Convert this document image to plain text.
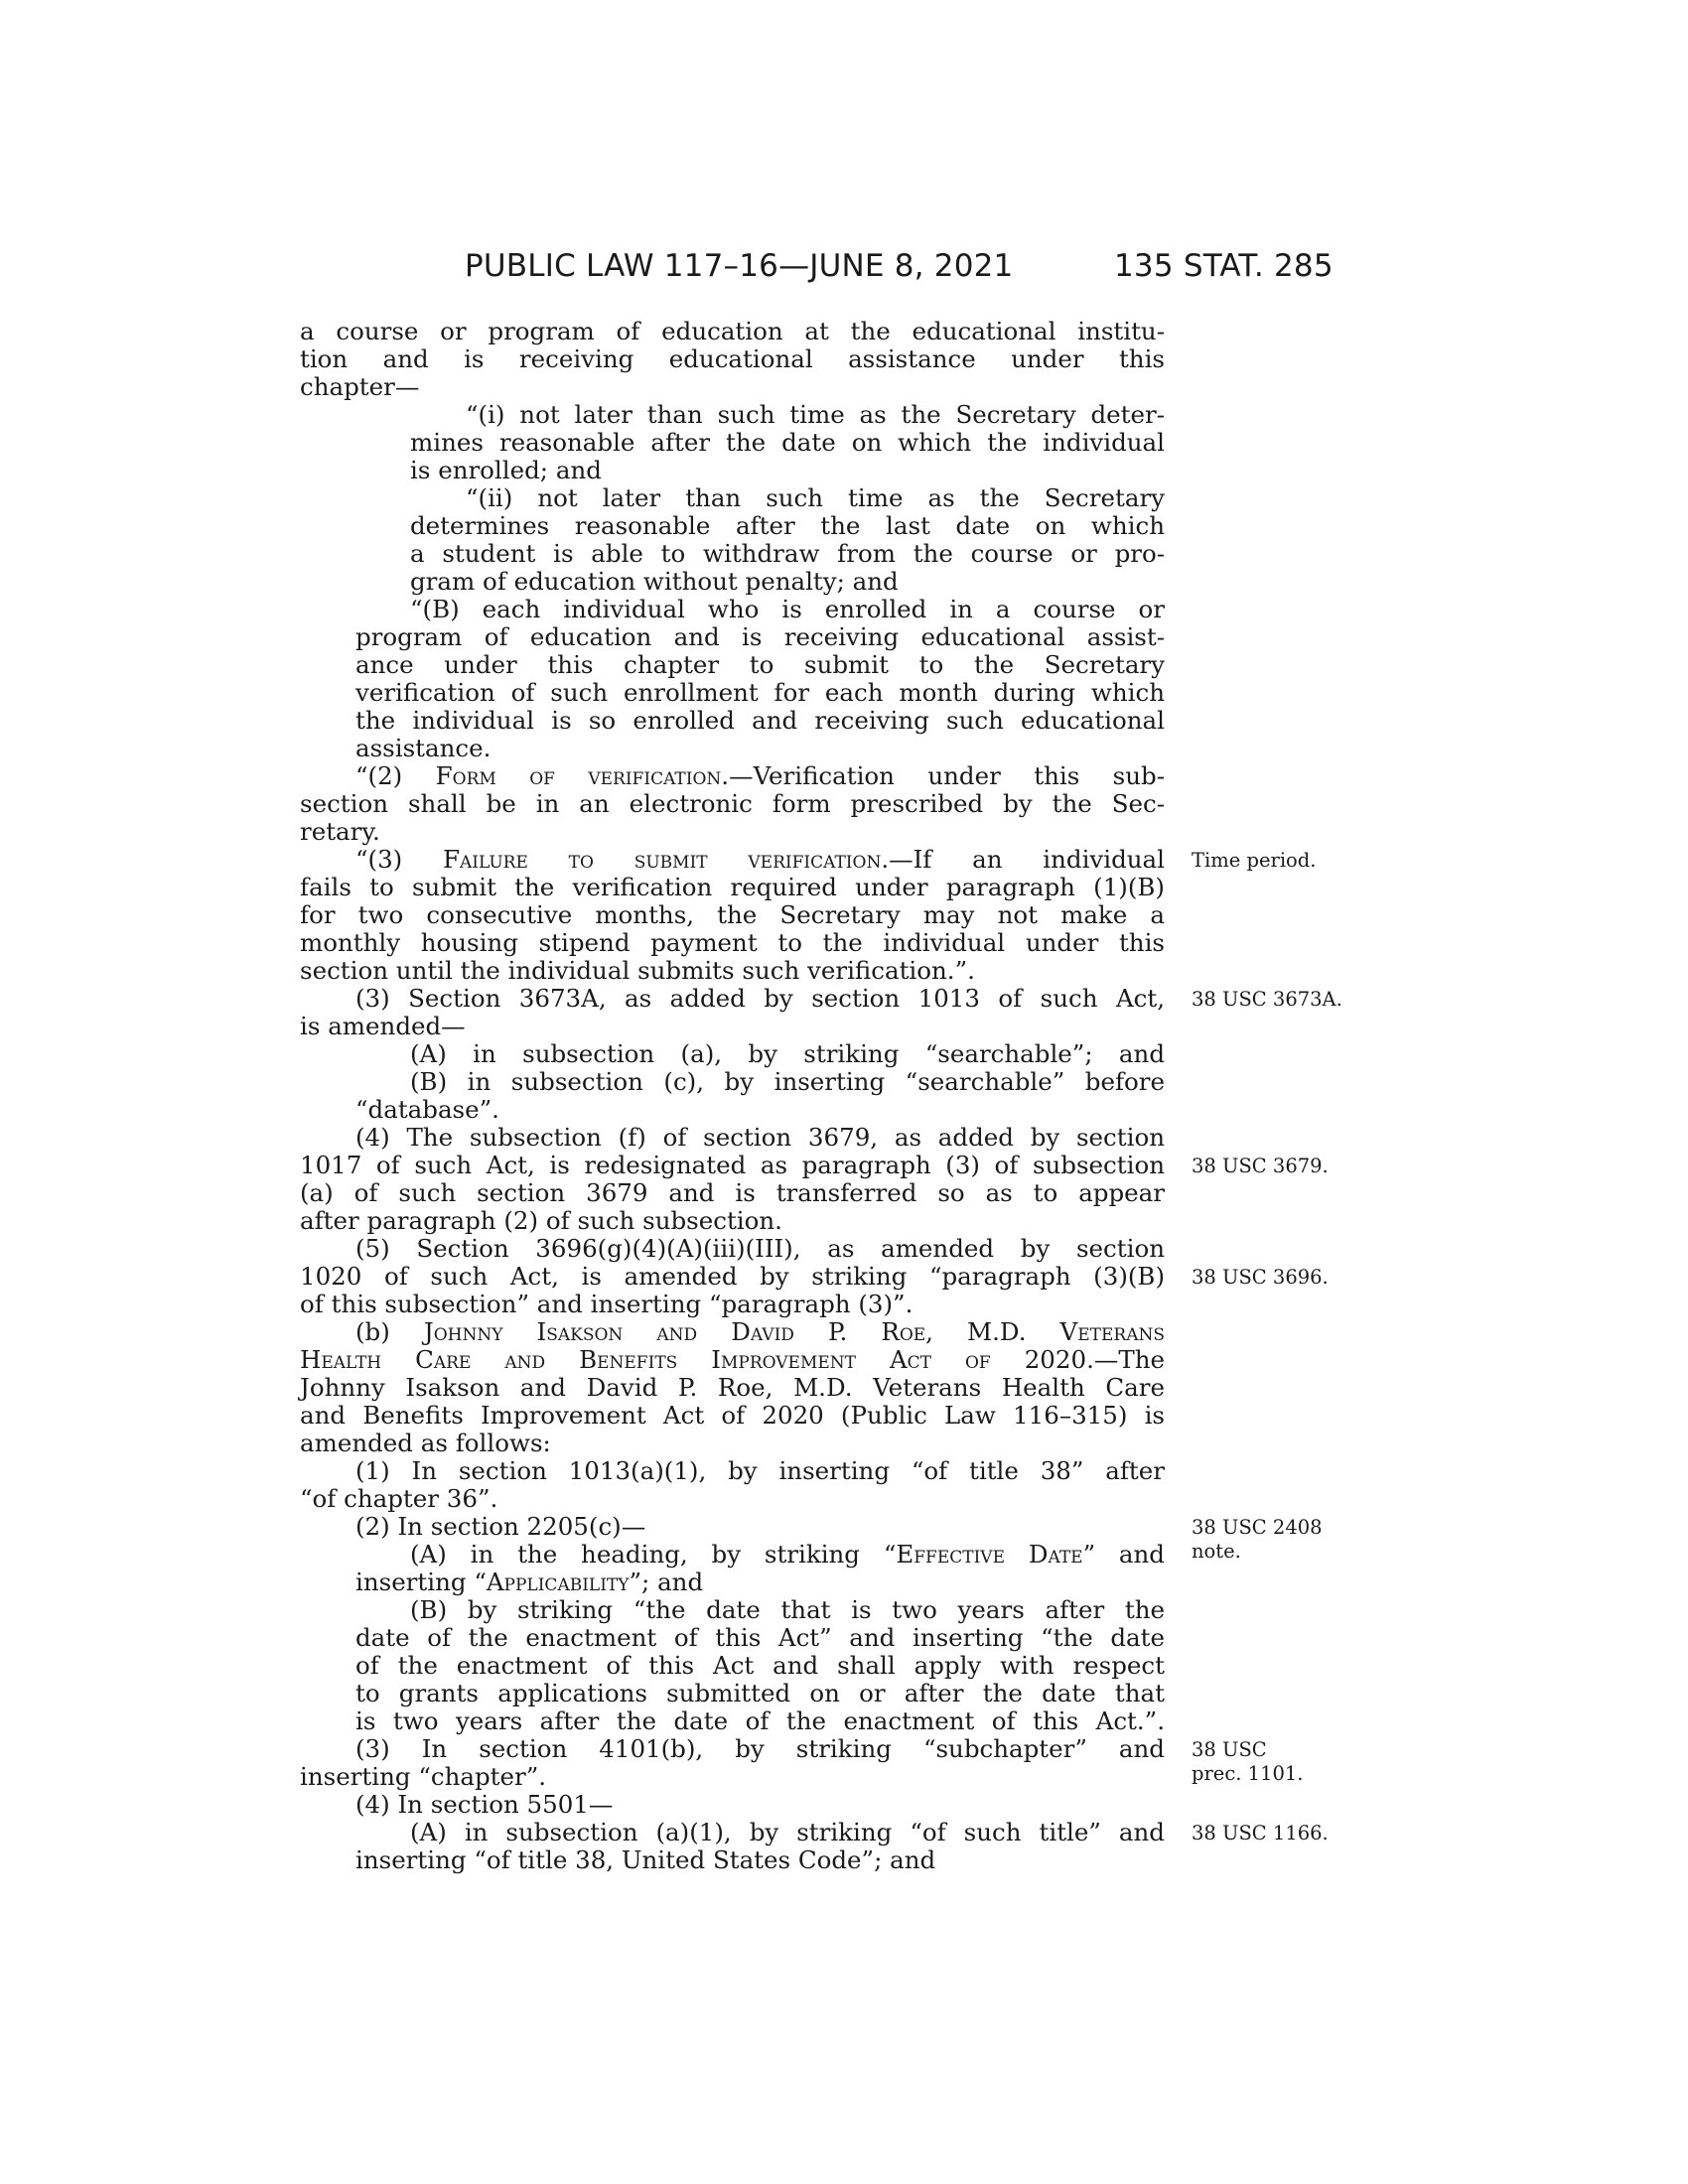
PUBLIC LAW 117–16—JUNE 8, 2021	135 STAT. 285
a course or program of education at the educational institu-
tion and is receiving educational assistance under this
chapter—
“(i) not later than such time as the Secretary deter-
mines reasonable after the date on which the individual
is enrolled; and
“(ii) not later than such time as the Secretary
determines reasonable after the last date on which
a student is able to withdraw from the course or pro-
gram of education without penalty; and
“(B) each individual who is enrolled in a course or
program of education and is receiving educational assist-
ance under this chapter to submit to the Secretary
verification of such enrollment for each month during which
the individual is so enrolled and receiving such educational
assistance.
“(2) Form of verification.—Verification under this sub-
section shall be in an electronic form prescribed by the Sec-
retary.
“(3) Failure to submit verification.—If an individual
fails to submit the verification required under paragraph (1)(B)
for two consecutive months, the Secretary may not make a
monthly housing stipend payment to the individual under this
section until the individual submits such verification.”.
(3) Section 3673A, as added by section 1013 of such Act,
is amended—
(A) in subsection (a), by striking “searchable”; and
(B) in subsection (c), by inserting “searchable” before
“database”.
(4) The subsection (f) of section 3679, as added by section
1017 of such Act, is redesignated as paragraph (3) of subsection
(a) of such section 3679 and is transferred so as to appear
after paragraph (2) of such subsection.
(5) Section 3696(g)(4)(A)(iii)(III), as amended by section
1020 of such Act, is amended by striking “paragraph (3)(B)
of this subsection” and inserting “paragraph (3)”.
(b) Johnny Isakson and David P. Roe, M.D. Veterans
Health Care and Benefits Improvement Act of 2020.—The
Johnny Isakson and David P. Roe, M.D. Veterans Health Care
and Benefits Improvement Act of 2020 (Public Law 116–315) is
amended as follows:
(1) In section 1013(a)(1), by inserting “of title 38” after
“of chapter 36”.
(2) In section 2205(c)—
(A) in the heading, by striking “Effective Date” and
inserting “Applicability”; and
(B) by striking “the date that is two years after the
date of the enactment of this Act” and inserting “the date
of the enactment of this Act and shall apply with respect
to grants applications submitted on or after the date that
is two years after the date of the enactment of this Act.”.
(3) In section 4101(b), by striking “subchapter” and
inserting “chapter”.
(4) In section 5501—
(A) in subsection (a)(1), by striking “of such title” and
inserting “of title 38, United States Code”; and
Time period.
38 USC 3673A.
38 USC 3679.
38 USC 3696.
38 USC 2408
note.
38 USC
prec. 1101.
38 USC 1166.
